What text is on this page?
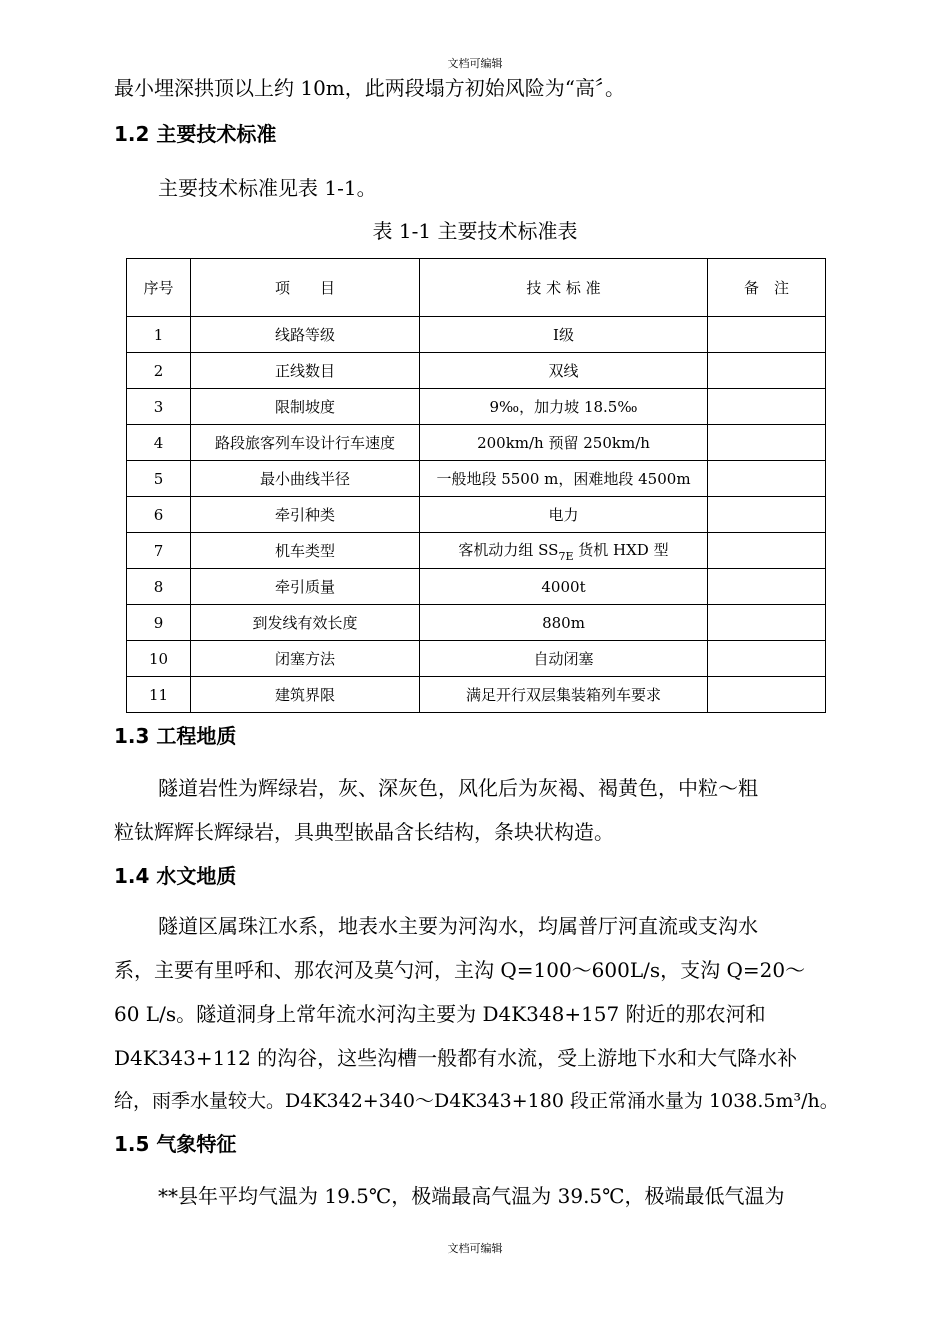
文档可编辑
最小埋深拱顶以上约 10m，此两段塌方初始风险为“高〞。
1.2 主要技术标准
主要技术标准见表 1-1。
表 1-1 主要技术标准表
序号	项　　目	技 术 标 准	备　注
1	线路等级	Ⅰ级	
2	正线数目	双线	
3	限制坡度	9‰，加力坡 18.5‰	
4	路段旅客列车设计行车速度	200km/h 预留 250km/h	
5	最小曲线半径	一般地段 5500 m，困难地段 4500m	
6	牵引种类	电力	
7	机车类型	客机动力组 $SS_{7E}$ 货机 HXD 型	
8	牵引质量	4000t	
9	到发线有效长度	880m	
10	闭塞方法	自动闭塞	
11	建筑界限	满足开行双层集装箱列车要求	
1.3 工程地质
隧道岩性为辉绿岩，灰、深灰色，风化后为灰褐、褐黄色，中粒～粗
粒钛辉辉长辉绿岩，具典型嵌晶含长结构，条块状构造。
1.4 水文地质
隧道区属珠江水系，地表水主要为河沟水，均属普厅河直流或支沟水
系，主要有里呼和、那农河及莫勺河，主沟 Q=100～600L/s，支沟 Q=20～
60 L/s。隧道洞身上常年流水河沟主要为 D4K348+157 附近的那农河和
D4K343+112 的沟谷，这些沟槽一般都有水流，受上游地下水和大气降水补
给，雨季水量较大。D4K342+340～D4K343+180 段正常涌水量为 1038.5m³/h。
1.5 气象特征
**县年平均气温为 19.5℃，极端最高气温为 39.5℃，极端最低气温为
文档可编辑
